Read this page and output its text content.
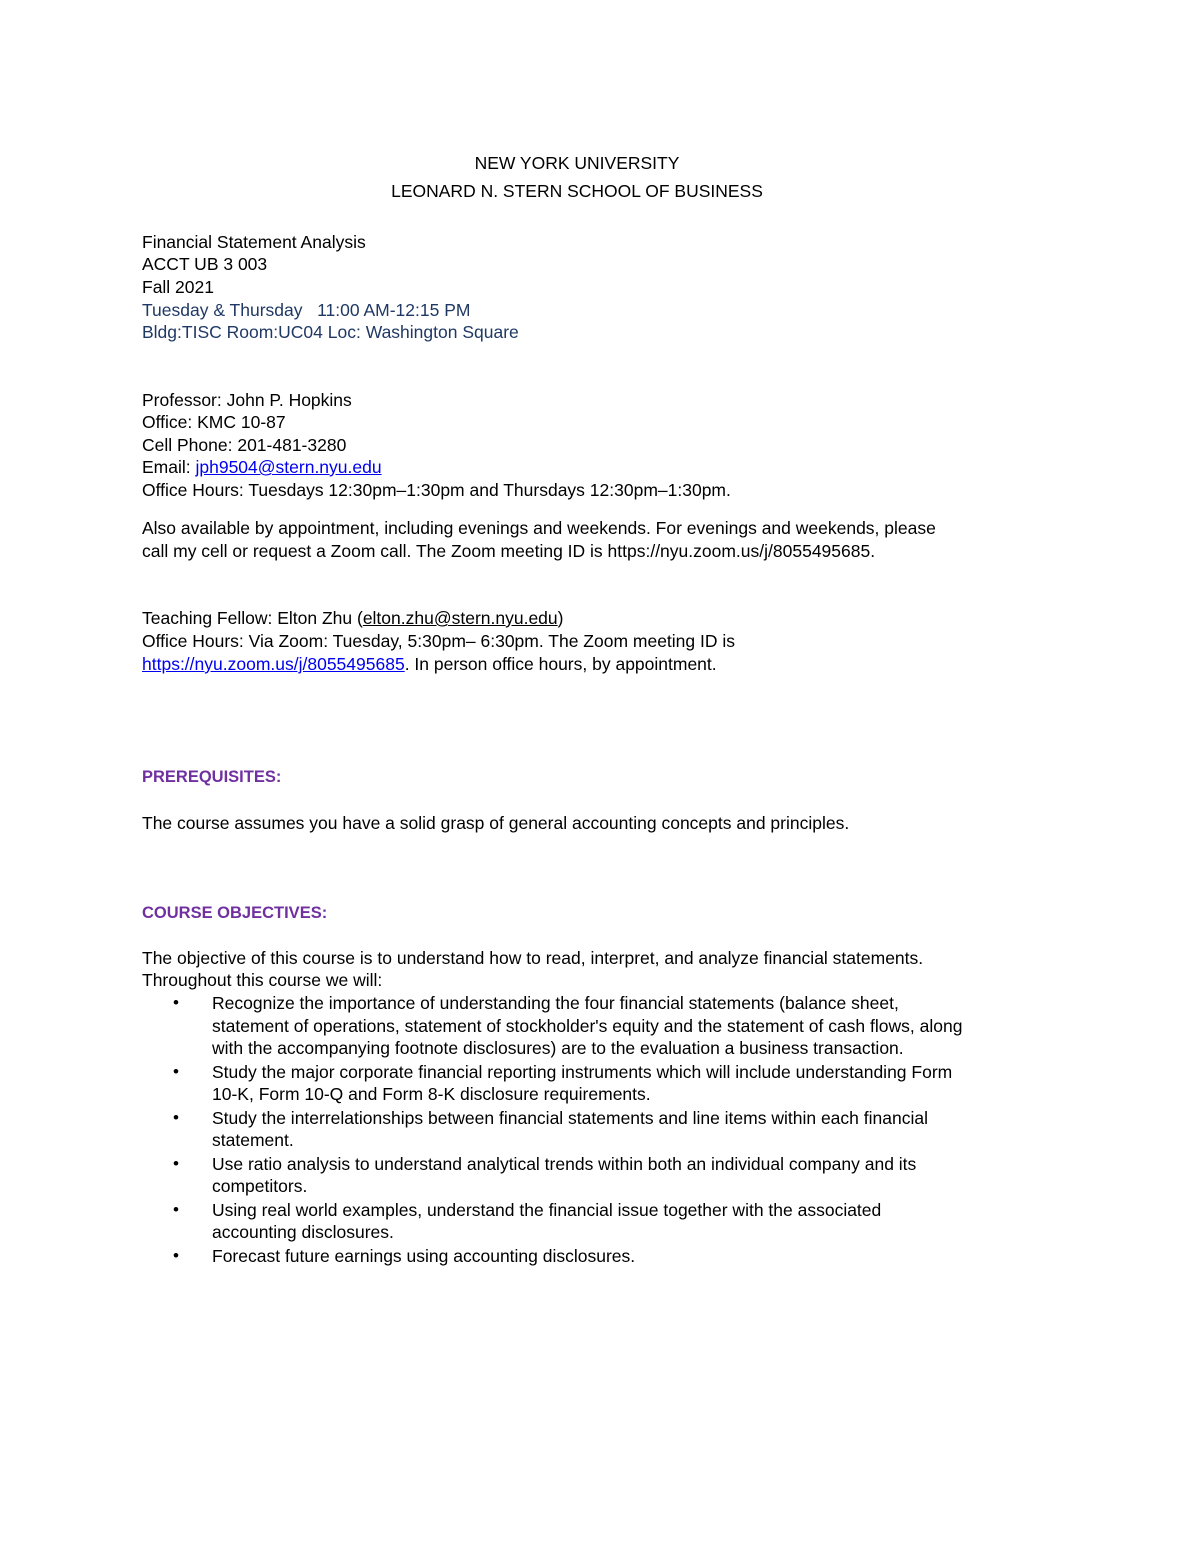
NEW YORK UNIVERSITY
LEONARD N. STERN SCHOOL OF BUSINESS
Financial Statement Analysis
ACCT UB 3 003
Fall 2021
Tuesday & Thursday   11:00 AM-12:15 PM
Bldg:TISC Room:UC04 Loc: Washington Square
Professor: John P. Hopkins
Office: KMC 10-87
Cell Phone: 201-481-3280
Email: jph9504@stern.nyu.edu
Office Hours: Tuesdays 12:30pm–1:30pm and Thursdays 12:30pm–1:30pm.
Also available by appointment, including evenings and weekends. For evenings and weekends, please
call my cell or request a Zoom call. The Zoom meeting ID is https://nyu.zoom.us/j/8055495685.
Teaching Fellow: Elton Zhu (elton.zhu@stern.nyu.edu)
Office Hours: Via Zoom: Tuesday, 5:30pm– 6:30pm. The Zoom meeting ID is
https://nyu.zoom.us/j/8055495685. In person office hours, by appointment.
PREREQUISITES:
The course assumes you have a solid grasp of general accounting concepts and principles.
COURSE OBJECTIVES:
The objective of this course is to understand how to read, interpret, and analyze financial statements.
Throughout this course we will:
• Recognize the importance of understanding the four financial statements (balance sheet,
statement of operations, statement of stockholder's equity and the statement of cash flows, along
with the accompanying footnote disclosures) are to the evaluation a business transaction.
• Study the major corporate financial reporting instruments which will include understanding Form
10-K, Form 10-Q and Form 8-K disclosure requirements.
• Study the interrelationships between financial statements and line items within each financial
statement.
• Use ratio analysis to understand analytical trends within both an individual company and its
competitors.
• Using real world examples, understand the financial issue together with the associated
accounting disclosures.
• Forecast future earnings using accounting disclosures.
